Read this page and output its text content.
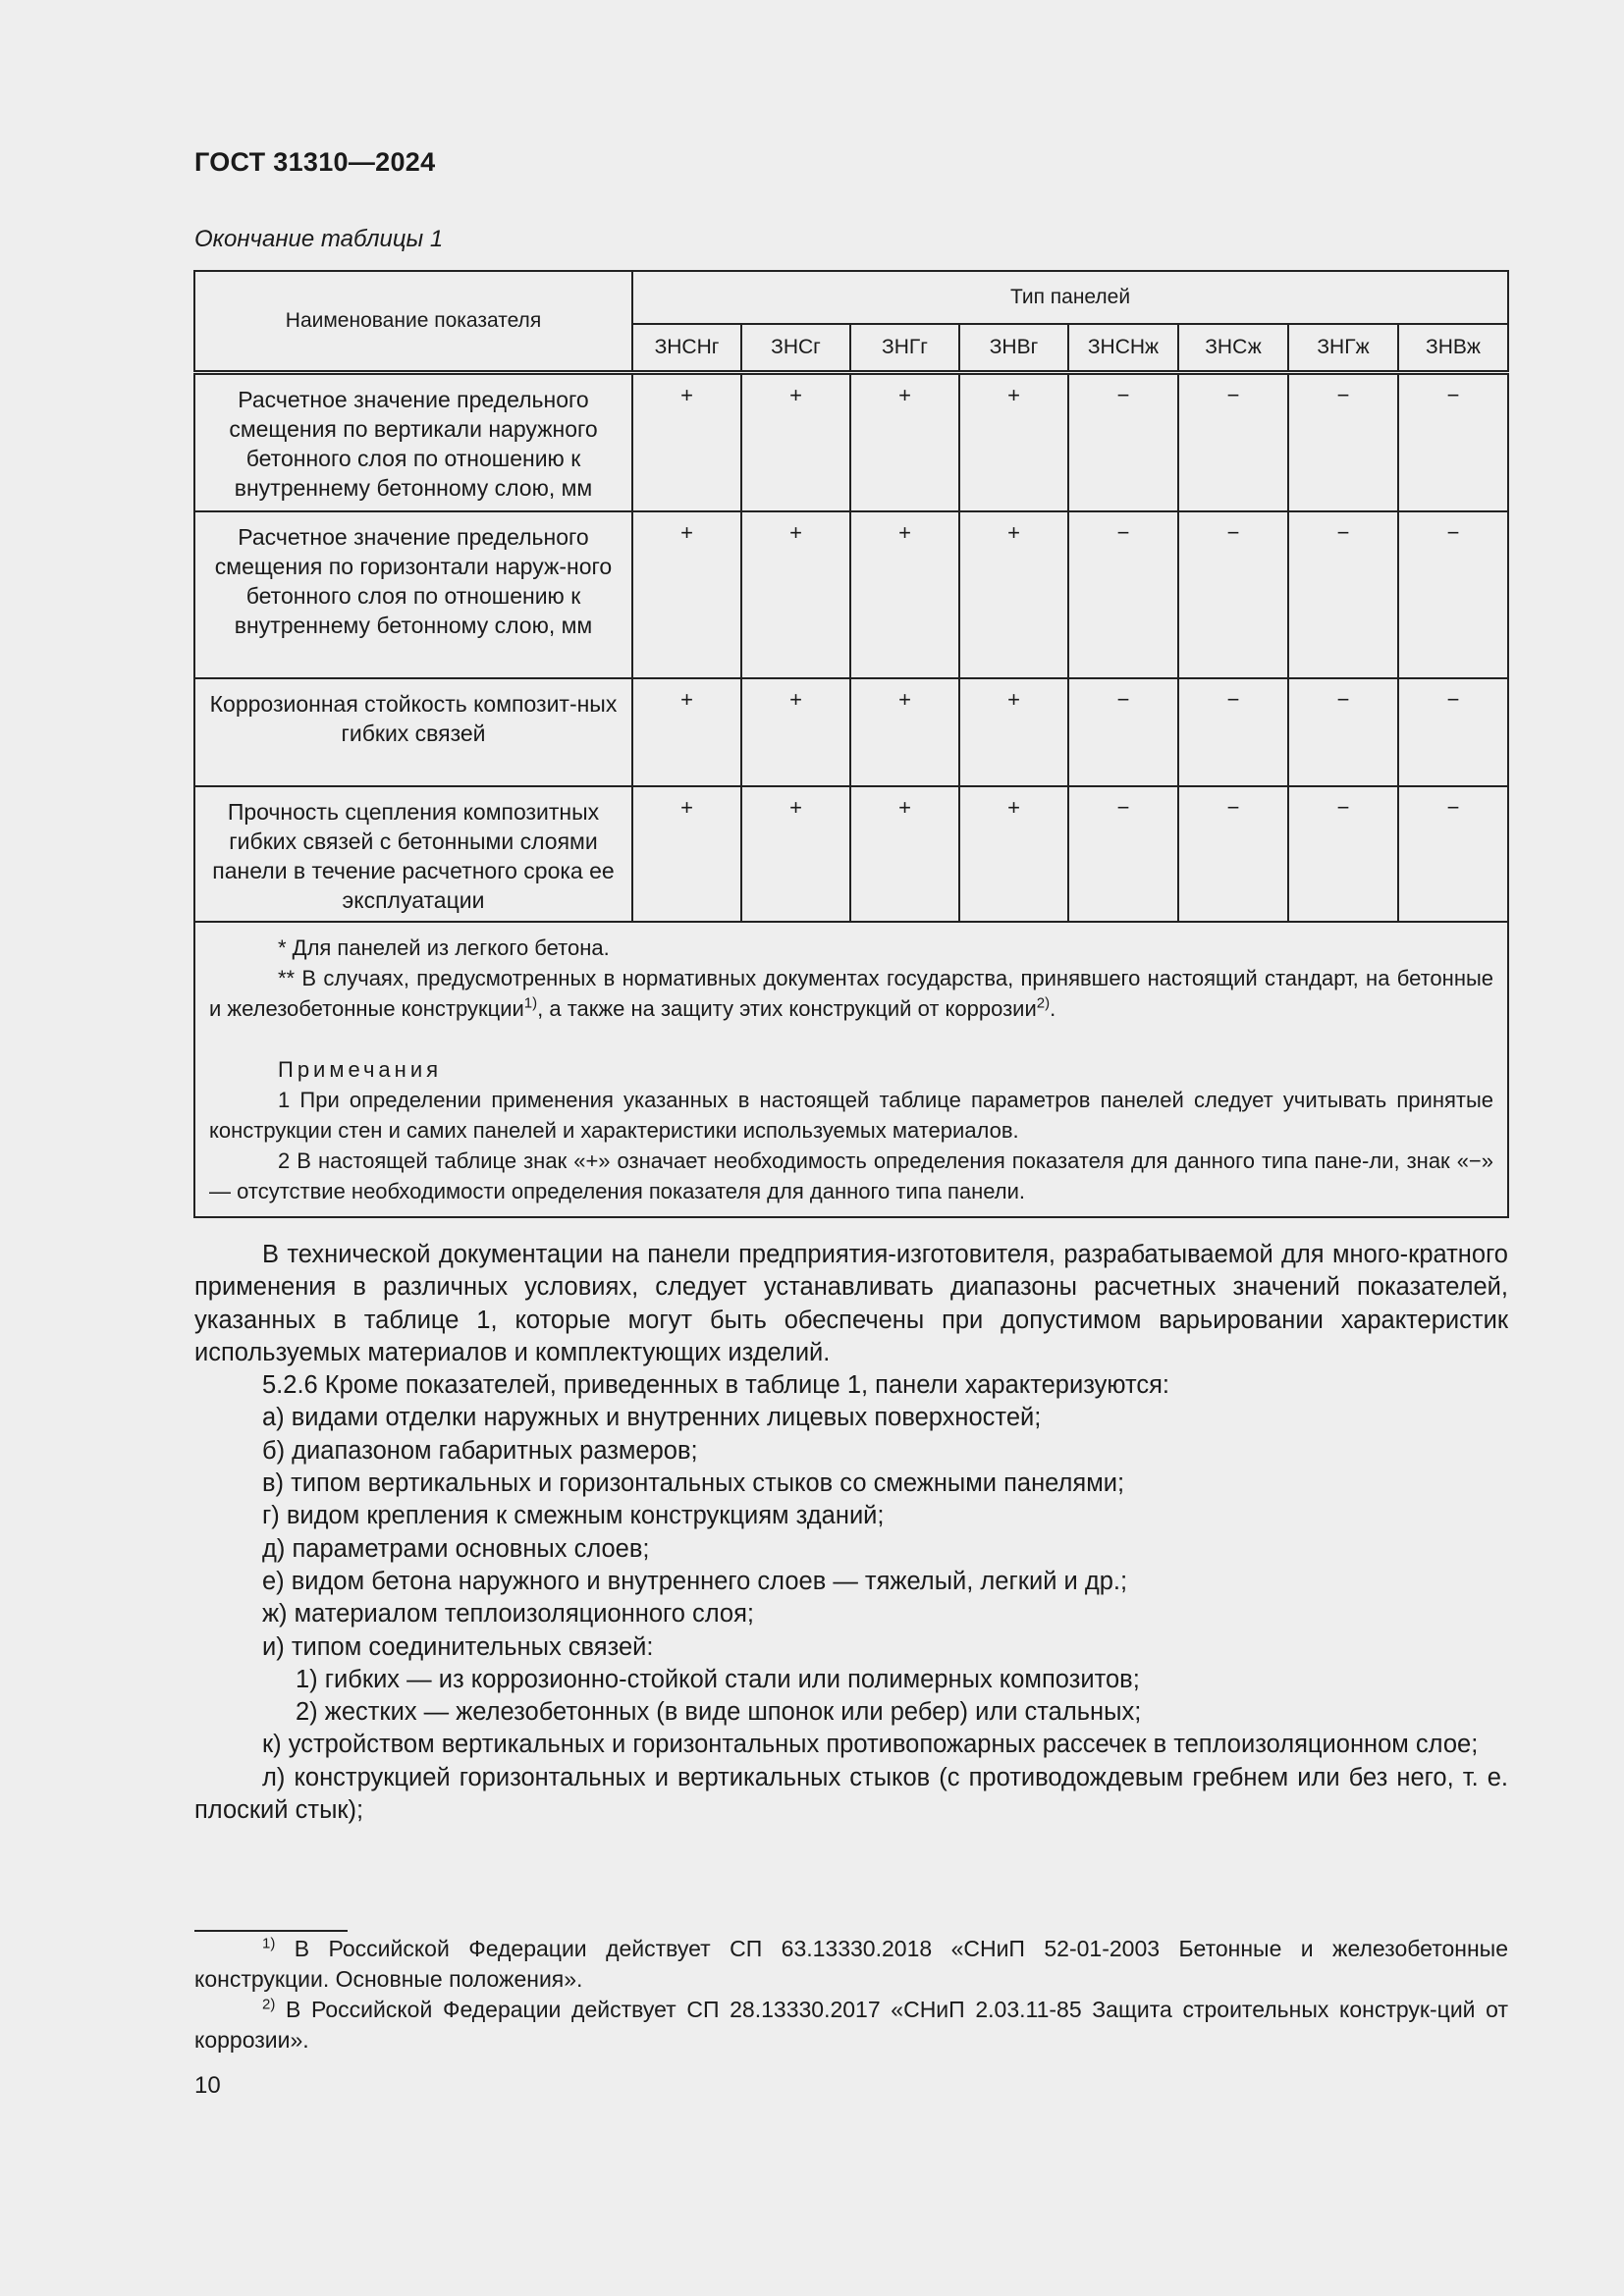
ГОСТ 31310—2024
Окончание таблицы 1
Наименование показателя	Тип панелей							
	ЗНСНг	ЗНСг	ЗНГг	ЗНВг	ЗНСНж	ЗНСж	ЗНГж	ЗНВж
Расчетное значение предельного смещения по вертикали наружного бетонного слоя по отношению к внутреннему бетонному слою, мм	+	+	+	+	−	−	−	−
Расчетное значение предельного смещения по горизонтали наруж-ного бетонного слоя по отношению к внутреннему бетонному слою, мм	+	+	+	+	−	−	−	−
Коррозионная стойкость композит-ных гибких связей	+	+	+	+	−	−	−	−
Прочность сцепления композитных гибких связей с бетонными слоями панели в течение расчетного срока ее эксплуатации	+	+	+	+	−	−	−	−

* Для панелей из легкого бетона.

** В случаях, предусмотренных в нормативных документах государства, принявшего настоящий стандарт, на бетонные и железобетонные конструкции$^{1)}$, а также на защиту этих конструкций от коррозии$^{2)}$.

Примечания

1 При определении применения указанных в настоящей таблице параметров панелей следует учитывать принятые конструкции стен и самих панелей и характеристики используемых материалов.

2 В настоящей таблице знак «+» означает необходимость определения показателя для данного типа пане-ли, знак «−» — отсутствие необходимости определения показателя для данного типа панели.								

В технической документации на панели предприятия-изготовителя, разрабатываемой для много-кратного применения в различных условиях, следует устанавливать диапазоны расчетных значений показателей, указанных в таблице 1, которые могут быть обеспечены при допустимом варьировании характеристик используемых материалов и комплектующих изделий.

5.2.6 Кроме показателей, приведенных в таблице 1, панели характеризуются:

а) видами отделки наружных и внутренних лицевых поверхностей;

б) диапазоном габаритных размеров;

в) типом вертикальных и горизонтальных стыков со смежными панелями;

г) видом крепления к смежным конструкциям зданий;

д) параметрами основных слоев;

е) видом бетона наружного и внутреннего слоев — тяжелый, легкий и др.;

ж) материалом теплоизоляционного слоя;

и) типом соединительных связей:

1) гибких — из коррозионно-стойкой стали или полимерных композитов;

2) жестких — железобетонных (в виде шпонок или ребер) или стальных;

к) устройством вертикальных и горизонтальных противопожарных рассечек в теплоизоляционном слое;

л) конструкцией горизонтальных и вертикальных стыков (с противодождевым гребнем или без него, т. е. плоский стык);

$^{1)}$ В Российской Федерации действует СП 63.13330.2018 «СНиП 52-01-2003 Бетонные и железобетонные конструкции. Основные положения».

$^{2)}$ В Российской Федерации действует СП 28.13330.2017 «СНиП 2.03.11-85 Защита строительных конструк-ций от коррозии».

10
